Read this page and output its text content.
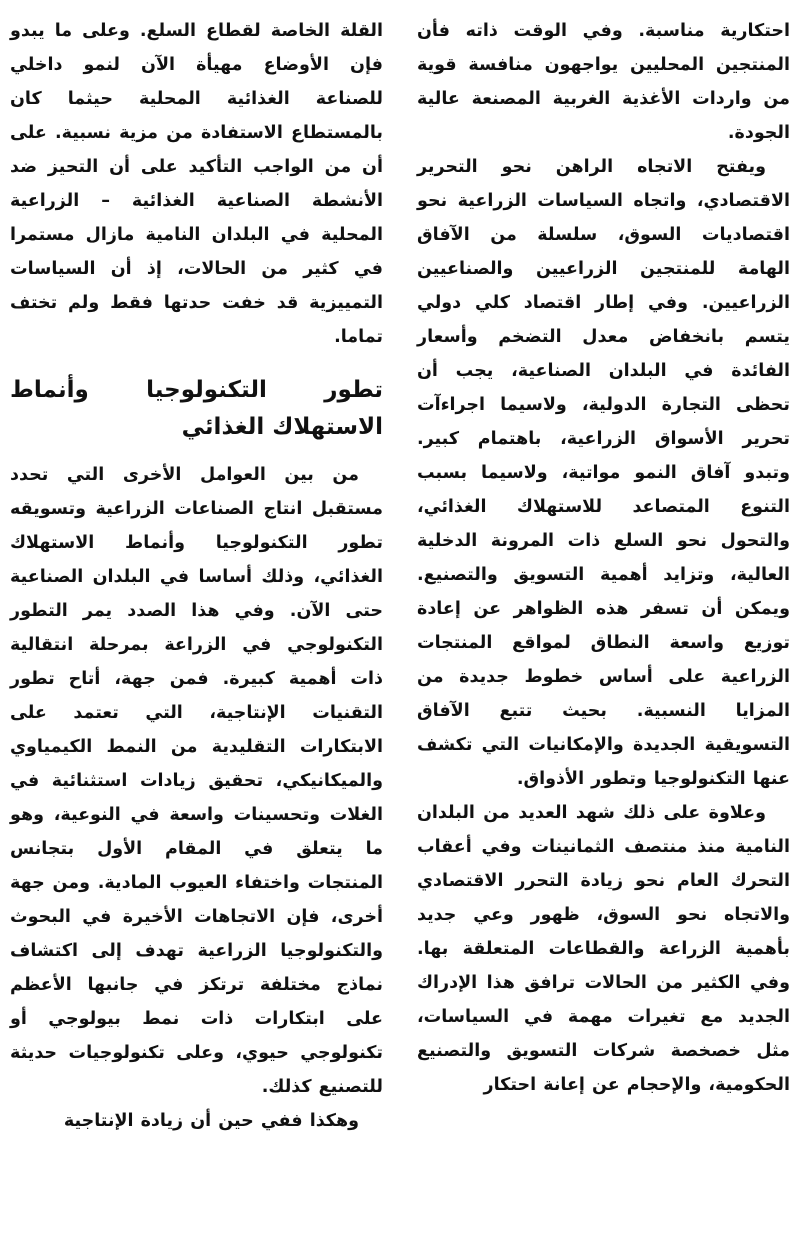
احتكارية مناسبة. وفي الوقت ذاته فأن المنتجين المحليين يواجهون منافسة قوية من واردات الأغذية الغربية المصنعة عالية الجودة.

ويفتح الاتجاه الراهن نحو التحرير الاقتصادي، واتجاه السياسات الزراعية نحو اقتصاديات السوق، سلسلة من الآفاق الهامة للمنتجين الزراعيين والصناعيين الزراعيين. وفي إطار اقتصاد كلي دولي يتسم بانخفاض معدل التضخم وأسعار الفائدة في البلدان الصناعية، يجب أن تحظى التجارة الدولية، ولاسيما اجراءآت تحرير الأسواق الزراعية، باهتمام كبير. وتبدو آفاق النمو مواتية، ولاسيما بسبب التنوع المتصاعد للاستهلاك الغذائي، والتحول نحو السلع ذات المرونة الدخلية العالية، وتزايد أهمية التسويق والتصنيع. ويمكن أن تسفر هذه الظواهر عن إعادة توزيع واسعة النطاق لمواقع المنتجات الزراعية على أساس خطوط جديدة من المزايا النسبية. بحيث تتبع الآفاق التسويقية الجديدة والإمكانيات التي تكشف عنها التكنولوجيا وتطور الأذواق.

وعلاوة على ذلك شهد العديد من البلدان النامية منذ منتصف الثمانينات وفي أعقاب التحرك العام نحو زيادة التحرر الاقتصادي والاتجاه نحو السوق، ظهور وعي جديد بأهمية الزراعة والقطاعات المتعلقة بها. وفي الكثير من الحالات ترافق هذا الإدراك الجديد مع تغيرات مهمة في السياسات، مثل خصخصة شركات التسويق والتصنيع الحكومية، والإحجام عن إعانة احتكار

القلة الخاصة لقطاع السلع. وعلى ما يبدو فإن الأوضاع مهيأة الآن لنمو داخلي للصناعة الغذائية المحلية حيثما كان بالمستطاع الاستفادة من مزية نسبية. على أن من الواجب التأكيد على أن التحيز ضد الأنشطة الصناعية الغذائية – الزراعية المحلية في البلدان النامية مازال مستمرا في كثير من الحالات، إذ أن السياسات التمييزية قد خفت حدتها فقط ولم تختف تماما.

تطور التكنولوجيا وأنماط الاستهلاك الغذائي

من بين العوامل الأخرى التي تحدد مستقبل انتاج الصناعات الزراعية وتسويقه تطور التكنولوجيا وأنماط الاستهلاك الغذائي، وذلك أساسا في البلدان الصناعية حتى الآن. وفي هذا الصدد يمر التطور التكنولوجي في الزراعة بمرحلة انتقالية ذات أهمية كبيرة. فمن جهة، أتاح تطور التقنيات الإنتاجية، التي تعتمد على الابتكارات التقليدية من النمط الكيمياوي والميكانيكي، تحقيق زيادات استثنائية في الغلات وتحسينات واسعة في النوعية، وهو ما يتعلق في المقام الأول بتجانس المنتجات واختفاء العيوب المادية. ومن جهة أخرى، فإن الاتجاهات الأخيرة في البحوث والتكنولوجيا الزراعية تهدف إلى اكتشاف نماذج مختلفة ترتكز في جانبها الأعظم على ابتكارات ذات نمط بيولوجي أو تكنولوجي حيوي، وعلى تكنولوجيات حديثة للتصنيع كذلك.

وهكذا ففي حين أن زيادة الإنتاجية
